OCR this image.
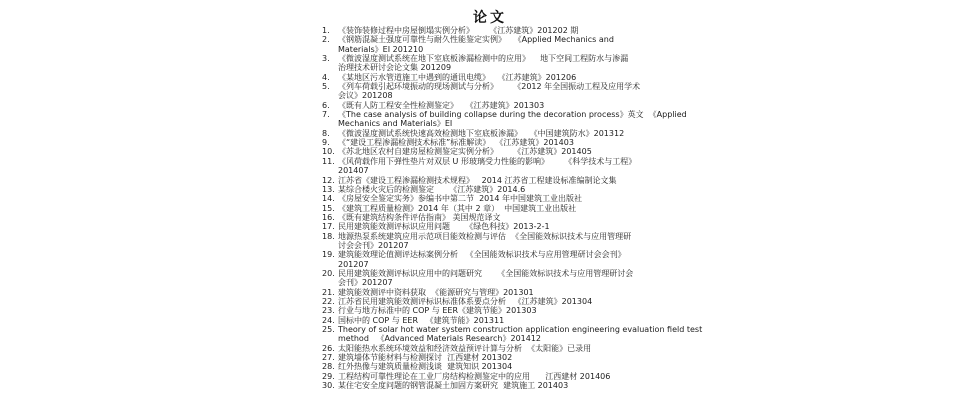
论文
1.	《装饰装修过程中房屋倒塌实例分析》      《江苏建筑》201202 期
2.	《钢筋混凝土强度可靠性与耐久性能鉴定实例》   《Applied Mechanics and
Materials》EI 201210
3.	《微波湿度测试系统在地下室底板渗漏检测中的应用》    地下空间工程防水与渗漏
治理技术研讨会论文集 201209
4.	《某地区污水管道施工中遇到的通讯电缆》   《江苏建筑》201206
5.	《列车荷载引起环境振动的现场测试与分析》      《2012 年全国振动工程及应用学术
会议》201208
6.	《既有人防工程安全性检测鉴定》   《江苏建筑》201303
7.	《The case analysis of building collapse during the decoration process》英文  《Applied
Mechanics and Materials》EI
8.	《微波湿度测试系统快速高效检测地下室底板渗漏》   《中国建筑防水》201312
9.	《“建设工程渗漏检测技术标准”标准解读》  《江苏建筑》201403
10. 《苏北地区农村自建房屋检测鉴定实例分析》      《江苏建筑》201405
11. 《风荷载作用下弹性垫片对双层 U 形玻璃受力性能的影响》      《科学技术与工程》
201407
12. 江苏省《建设工程渗漏检测技术规程》   2014 江苏省工程建设标准编制论文集
13. 某综合楼火灾后的检测鉴定      《江苏建筑》2014.6
14. 《房屋安全鉴定实务》参编书中第二节  2014 年中国建筑工业出版社
15. 《建筑工程质量检测》2014 年（其中 2 章）  中国建筑工业出版社
16. 《既有建筑结构条件评估指南》 美国规范译文
17. 民用建筑能效测评标识应用问题      《绿色科技》2013-2-1
18. 地源热泵系统建筑应用示范项目能效检测与评估  《全国能效标识技术与应用管理研
讨会会刊》201207
19. 建筑能效理论值测评达标案例分析   《全国能效标识技术与应用管理研讨会会刊》
201207
20. 民用建筑能效测评标识应用中的问题研究      《全国能效标识技术与应用管理研讨会
会刊》201207
21. 建筑能效测评中资料获取  《能源研究与管理》201301
22. 江苏省民用建筑能效测评标识标准体系要点分析   《江苏建筑》201304
23. 行业与地方标准中的 COP 与 EER《建筑节能》201303
24. 国标中的 COP 与 EER   《建筑节能》201311
25. Theory of solar hot water system construction application engineering evaluation field test
method   《Advanced Materials Research》201412
26. 太阳能热水系统环境效益和经济效益预评计算与分析  《太阳能》已录用
27. 建筑墙体节能材料与检测探讨  江西建材 201302
28. 红外热像与建筑质量检测浅谈  建筑知识 201304
29. 工程结构可靠性理论在工业厂房结构检测鉴定中的应用      江西建材 201406
30. 某住宅安全度问题的钢管混凝土加固方案研究  建筑施工 201403
